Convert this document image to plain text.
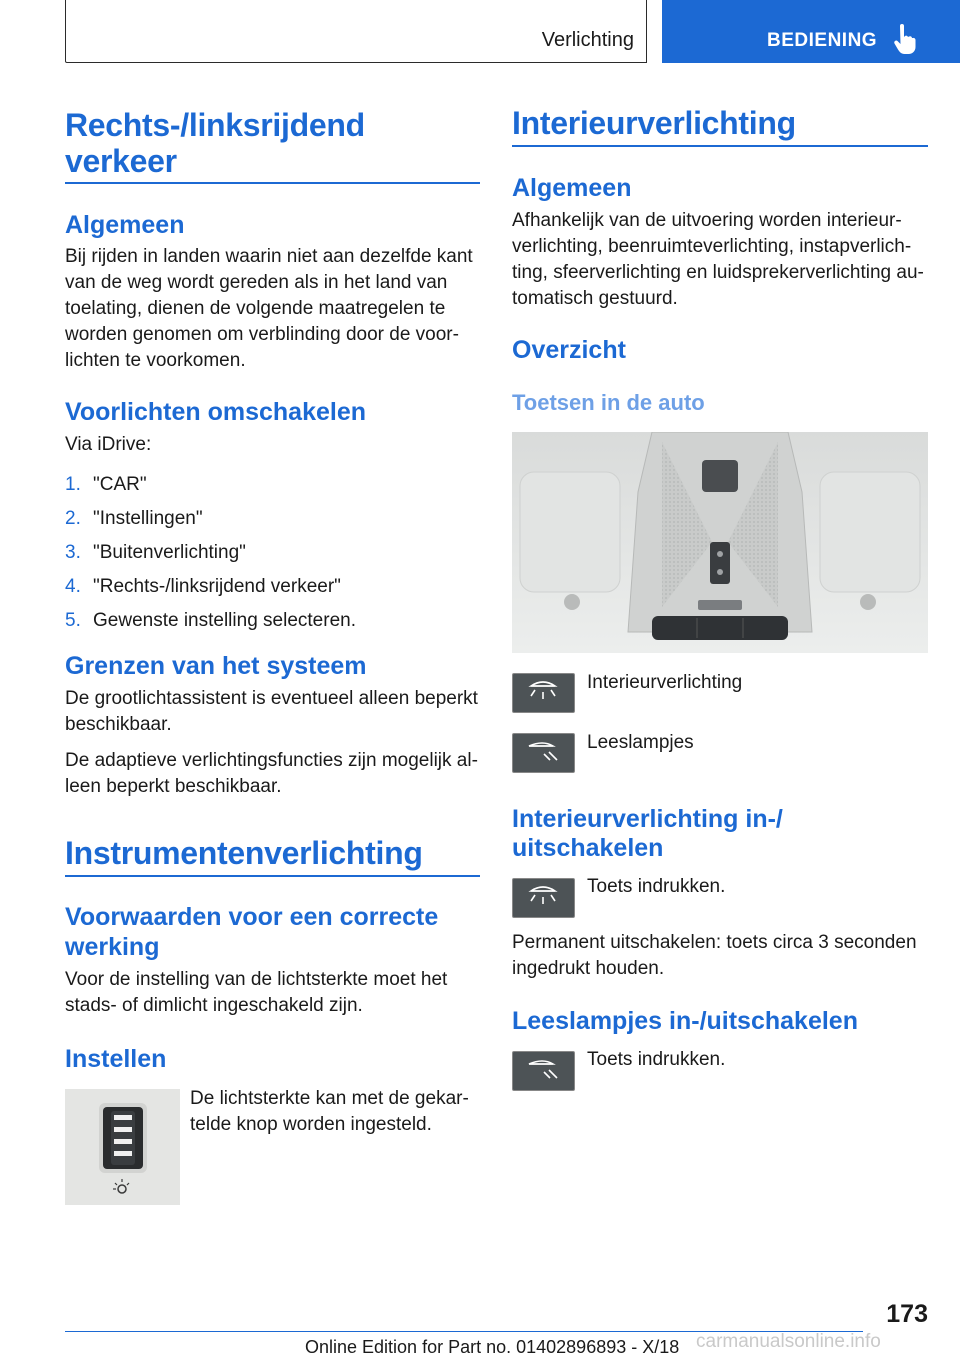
Verlichting	BEDIENING
Rechts-/linksrijdend
verkeer
Algemeen
Bij rijden in landen waarin niet aan dezelfde kant
van de weg wordt gereden als in het land van
toelating, dienen de volgende maatregelen te
worden genomen om verblinding door de voor-
lichten te voorkomen.
Voorlichten omschakelen
Via iDrive:
1. "CAR"
2. "Instellingen"
3. "Buitenverlichting"
4. "Rechts-/linksrijdend verkeer"
5. Gewenste instelling selecteren.
Grenzen van het systeem
De grootlichtassistent is eventueel alleen beperkt
beschikbaar.
De adaptieve verlichtingsfuncties zijn mogelijk al-
leen beperkt beschikbaar.
Instrumentenverlichting
Voorwaarden voor een correcte
werking
Voor de instelling van de lichtsterkte moet het
stads- of dimlicht ingeschakeld zijn.
Instellen
De lichtsterkte kan met de gekar-
telde knop worden ingesteld.
Interieurverlichting
Algemeen
Afhankelijk van de uitvoering worden interieur-
verlichting, beenruimteverlichting, instapverlich-
ting, sfeerverlichting en luidsprekerverlichting au-
tomatisch gestuurd.
Overzicht
Toetsen in de auto
Interieurverlichting
Leeslampjes
Interieurverlichting in-/
uitschakelen
Toets indrukken.
Permanent uitschakelen: toets circa 3 seconden
ingedrukt houden.
Leeslampjes in-/uitschakelen
Toets indrukken.
173
Online Edition for Part no. 01402896893 - X/18 carmanualsonline.info
